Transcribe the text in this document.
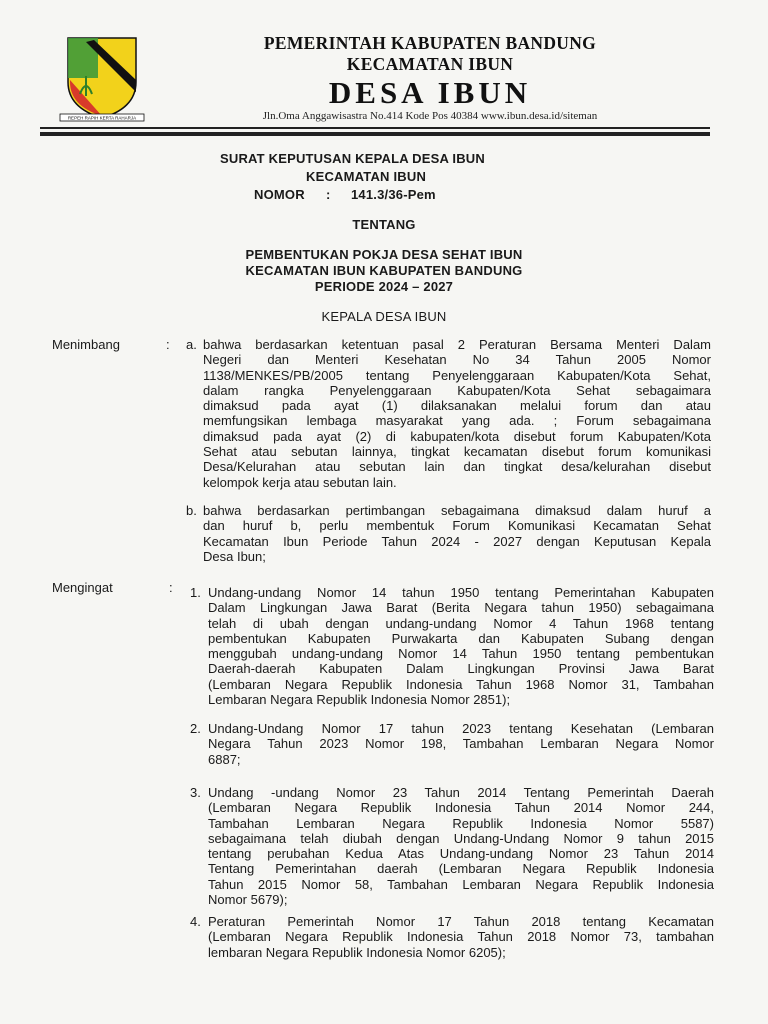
REPEH RAPIH KERTA RAHARJA
PEMERINTAH KABUPATEN BANDUNG
KECAMATAN IBUN
DESA IBUN
Jln.Oma Anggawisastra No.414 Kode Pos 40384 www.ibun.desa.id/siteman
SURAT KEPUTUSAN KEPALA DESA IBUN
KECAMATAN IBUN
NOMOR : 141.3/36-Pem
TENTANG
PEMBENTUKAN POKJA DESA SEHAT IBUN
KECAMATAN IBUN KABUPATEN BANDUNG
PERIODE 2024 – 2027
KEPALA DESA IBUN
Menimbang	: a. bahwa berdasarkan ketentuan pasal 2 Peraturan Bersama Menteri Dalam
Negeri dan Menteri Kesehatan No 34 Tahun 2005 Nomor
1138/MENKES/PB/2005 tentang Penyelenggaraan Kabupaten/Kota Sehat,
dalam rangka Penyelenggaraan Kabupaten/Kota Sehat sebagaimara
dimaksud pada ayat (1) dilaksanakan melalui forum dan atau
memfungsikan lembaga masyarakat yang ada. ; Forum sebagaimana
dimaksud pada ayat (2) di kabupaten/kota disebut forum Kabupaten/Kota
Sehat atau sebutan lainnya, tingkat kecamatan disebut forum komunikasi
Desa/Kelurahan atau sebutan lain dan tingkat desa/kelurahan disebut
kelompok kerja atau sebutan lain.
b. bahwa berdasarkan pertimbangan sebagaimana dimaksud dalam huruf a
dan huruf b, perlu membentuk Forum Komunikasi Kecamatan Sehat
Kecamatan Ibun Periode Tahun 2024 - 2027 dengan Keputusan Kepala
Desa Ibun;
Mengingat	: 1. Undang-undang Nomor 14 tahun 1950 tentang Pemerintahan Kabupaten
Dalam Lingkungan Jawa Barat (Berita Negara tahun 1950) sebagaimana
telah di ubah dengan undang-undang Nomor 4 Tahun 1968 tentang
pembentukan Kabupaten Purwakarta dan Kabupaten Subang dengan
menggubah undang-undang Nomor 14 Tahun 1950 tentang pembentukan
Daerah-daerah Kabupaten Dalam Lingkungan Provinsi Jawa Barat
(Lembaran Negara Republik Indonesia Tahun 1968 Nomor 31, Tambahan
Lembaran Negara Republik Indonesia Nomor 2851);
2. Undang-Undang Nomor 17 tahun 2023 tentang Kesehatan (Lembaran
Negara Tahun 2023 Nomor 198, Tambahan Lembaran Negara Nomor
6887;
3. Undang -undang Nomor 23 Tahun 2014 Tentang Pemerintah Daerah
(Lembaran Negara Republik Indonesia Tahun 2014 Nomor 244,
Tambahan Lembaran Negara Republik Indonesia Nomor 5587)
sebagaimana telah diubah dengan Undang-Undang Nomor 9 tahun 2015
tentang perubahan Kedua Atas Undang-undang Nomor 23 Tahun 2014
Tentang Pemerintahan daerah (Lembaran Negara Republik Indonesia
Tahun 2015 Nomor 58, Tambahan Lembaran Negara Republik Indonesia
Nomor 5679);
4. Peraturan Pemerintah Nomor 17 Tahun 2018 tentang Kecamatan
(Lembaran Negara Republik Indonesia Tahun 2018 Nomor 73, tambahan
lembaran Negara Republik Indonesia Nomor 6205);
